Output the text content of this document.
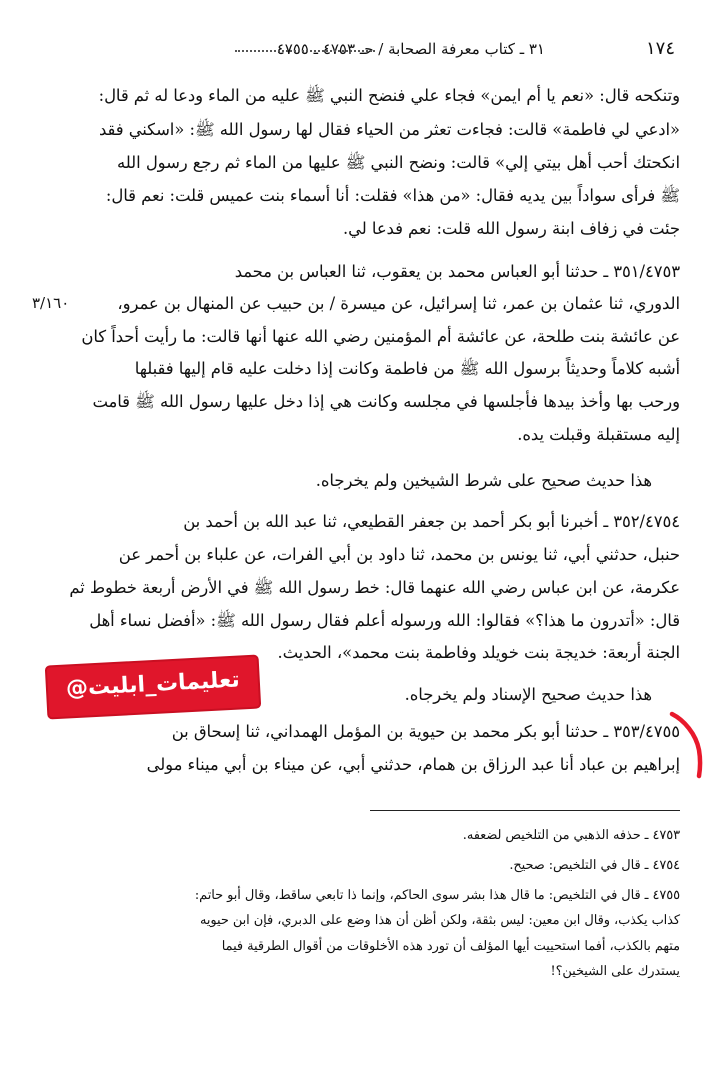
١٧٤
٣١ ـ كتاب معرفة الصحابة / حـ ٤٧٥٣ ـ ٤٧٥٥
وتنكحه قال: «نعم يا أم ايمن» فجاء علي فنضح النبي ﷺ عليه من الماء ودعا له ثم قال:
«ادعي لي فاطمة» قالت: فجاءت تعثر من الحياء فقال لها رسول الله ﷺ: «اسكني فقد
انكحتك أحب أهل بيتي إلي» قالت: ونضح النبي ﷺ عليها من الماء ثم رجع رسول الله
ﷺ فرأى سواداً بين يديه فقال: «من هذا» فقلت: أنا أسماء بنت عميس قلت: نعم قال:
جئت في زفاف ابنة رسول الله قلت: نعم فدعا لي.
٣٥١/٤٧٥٣ ـ حدثنا أبو العباس محمد بن يعقوب، ثنا العباس بن محمد
الدوري، ثنا عثمان بن عمر، ثنا إسرائيل، عن ميسرة / بن حبيب عن المنهال بن عمرو،
٣/١٦٠
عن عائشة بنت طلحة، عن عائشة أم المؤمنين رضي الله عنها أنها قالت: ما رأيت أحداً كان
أشبه كلاماً وحديثاً برسول الله ﷺ من فاطمة وكانت إذا دخلت عليه قام إليها فقبلها
ورحب بها وأخذ بيدها فأجلسها في مجلسه وكانت هي إذا دخل عليها رسول الله ﷺ قامت
إليه مستقبلة وقبلت يده.
هذا حديث صحيح على شرط الشيخين ولم يخرجاه.
٣٥٢/٤٧٥٤ ـ أخبرنا أبو بكر أحمد بن جعفر القطيعي، ثنا عبد الله بن أحمد بن
حنبل، حدثني أبي، ثنا يونس بن محمد، ثنا داود بن أبي الفرات، عن علباء بن أحمر عن
عكرمة، عن ابن عباس رضي الله عنهما قال: خط رسول الله ﷺ في الأرض أربعة خطوط ثم
قال: «أتدرون ما هذا؟» فقالوا: الله ورسوله أعلم فقال رسول الله ﷺ: «أفضل نساء أهل
الجنة أربعة: خديجة بنت خويلد وفاطمة بنت محمد»، الحديث.
هذا حديث صحيح الإسناد ولم يخرجاه.
٣٥٣/٤٧٥٥ ـ حدثنا أبو بكر محمد بن حيوية بن المؤمل الهمداني، ثنا إسحاق بن
إبراهيم بن عباد أنا عبد الرزاق بن همام، حدثني أبي، عن ميناء بن أبي ميناء مولى
٤٧٥٣ ـ حذفه الذهبي من التلخيص لضعفه.
٤٧٥٤ ـ قال في التلخيص: صحيح.
٤٧٥٥ ـ قال في التلخيص: ما قال هذا بشر سوى الحاكم، وإنما ذا تابعي ساقط، وقال أبو حاتم:
كذاب يكذب، وقال ابن معين: ليس بثقة، ولكن أظن أن هذا وضع على الدبري، فإن ابن حيويه
متهم بالكذب، أفما استحييت أيها المؤلف أن تورد هذه الأخلوقات من أقوال الطرقية فيما
يستدرك على الشيخين؟!
@تعليمات_ابليت
